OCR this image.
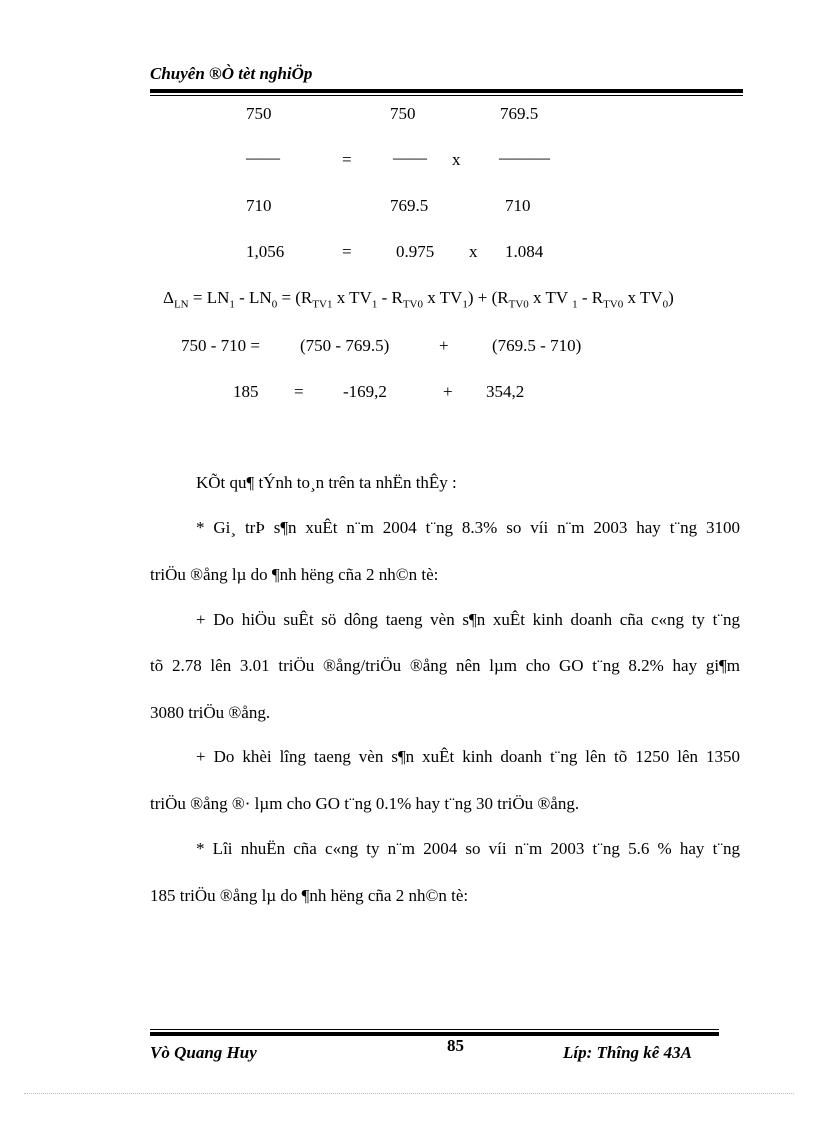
Chuyên ®Ò tèt nghiÖp
750	750	769.5
——	= —— x ———
710	769.5	710
1,056	=	0.975 x 1.084
$\Delta_{LN} = LN_1 - LN_0 = (R_{TV1}$ x $TV_1 - R_{TV0}$ x $TV_1) + (R_{TV0}$ x TV $_1 - R_{TV0}$ x $TV_0$)
750 - 710 = (750 - 769.5)	+	(769.5 - 710)
185 = -169,2	+ 354,2
KÕt qu¶ tÝnh to¸n trên ta nhËn thÊy :
* Gi¸ trÞ s¶n xuÊt n¨m 2004 t¨ng 8.3% so víi n¨m 2003 hay t¨ng 3100
triÖu ®ång lµ do ¶nh hëng cña 2 nh©n tè:
+ Do hiÖu suÊt sö dông taeng vèn s¶n xuÊt kinh doanh cña c«ng ty t¨ng
tõ 2.78 lên 3.01 triÖu ®ång/triÖu ®ång nên lµm cho GO t¨ng 8.2% hay gi¶m
3080 triÖu ®ång.
+ Do khèi lîng taeng vèn s¶n xuÊt kinh doanh t¨ng lên tõ 1250 lên 1350
triÖu ®ång ®· lµm cho GO t¨ng 0.1% hay t¨ng 30 triÖu ®ång.
* Lîi nhuËn cña c«ng ty n¨m 2004 so víi n¨m 2003 t¨ng 5.6 % hay t¨ng
185 triÖu ®ång lµ do ¶nh hëng cña 2 nh©n tè:
Vò Quang Huy	85	Líp: Thîng kê 43A
